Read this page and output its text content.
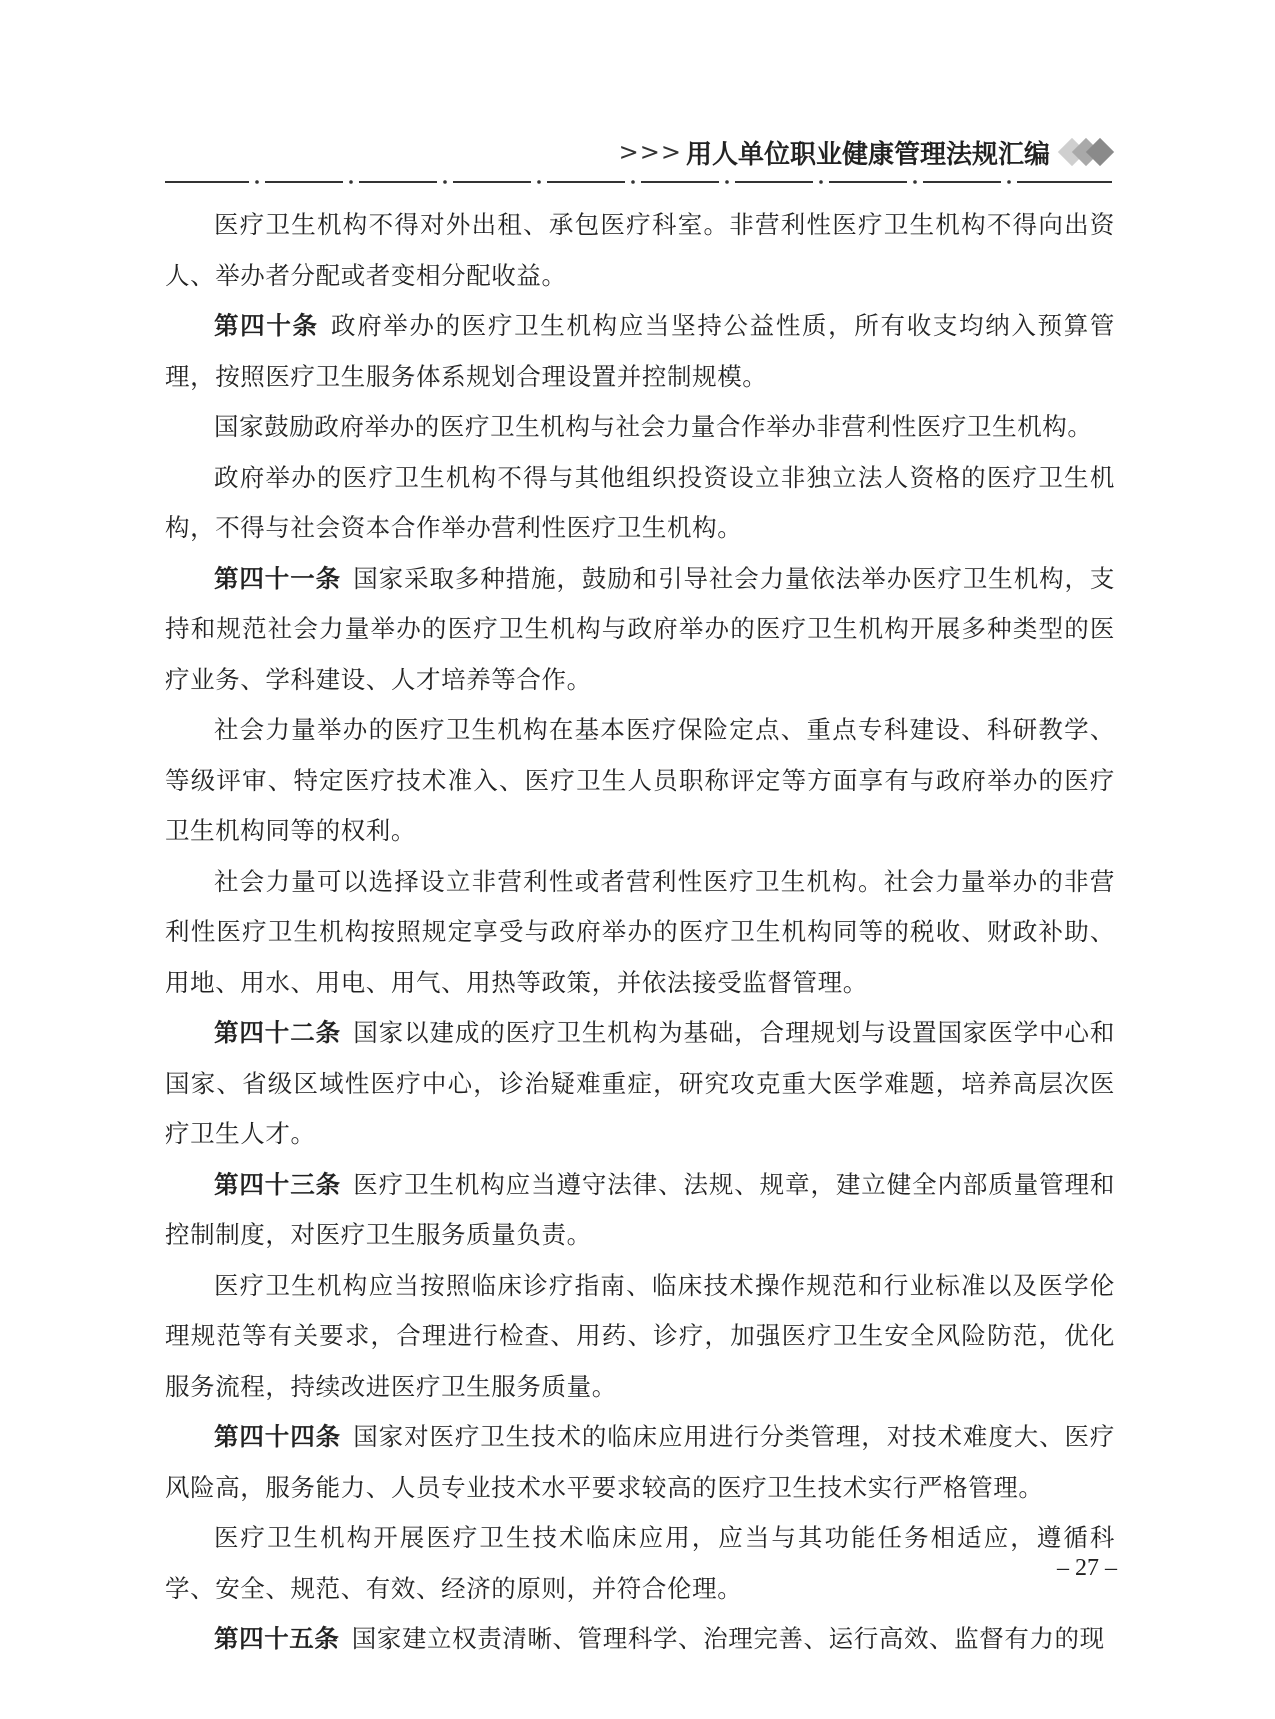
>>> 用人单位职业健康管理法规汇编

医疗卫生机构不得对外出租、承包医疗科室。非营利性医疗卫生机构不得向出资人、举办者分配或者变相分配收益。

第四十条 政府举办的医疗卫生机构应当坚持公益性质，所有收支均纳入预算管理，按照医疗卫生服务体系规划合理设置并控制规模。

国家鼓励政府举办的医疗卫生机构与社会力量合作举办非营利性医疗卫生机构。

政府举办的医疗卫生机构不得与其他组织投资设立非独立法人资格的医疗卫生机构，不得与社会资本合作举办营利性医疗卫生机构。

第四十一条 国家采取多种措施，鼓励和引导社会力量依法举办医疗卫生机构，支持和规范社会力量举办的医疗卫生机构与政府举办的医疗卫生机构开展多种类型的医疗业务、学科建设、人才培养等合作。

社会力量举办的医疗卫生机构在基本医疗保险定点、重点专科建设、科研教学、等级评审、特定医疗技术准入、医疗卫生人员职称评定等方面享有与政府举办的医疗卫生机构同等的权利。

社会力量可以选择设立非营利性或者营利性医疗卫生机构。社会力量举办的非营利性医疗卫生机构按照规定享受与政府举办的医疗卫生机构同等的税收、财政补助、用地、用水、用电、用气、用热等政策，并依法接受监督管理。

第四十二条 国家以建成的医疗卫生机构为基础，合理规划与设置国家医学中心和国家、省级区域性医疗中心，诊治疑难重症，研究攻克重大医学难题，培养高层次医疗卫生人才。

第四十三条 医疗卫生机构应当遵守法律、法规、规章，建立健全内部质量管理和控制制度，对医疗卫生服务质量负责。

医疗卫生机构应当按照临床诊疗指南、临床技术操作规范和行业标准以及医学伦理规范等有关要求，合理进行检查、用药、诊疗，加强医疗卫生安全风险防范，优化服务流程，持续改进医疗卫生服务质量。

第四十四条 国家对医疗卫生技术的临床应用进行分类管理，对技术难度大、医疗风险高，服务能力、人员专业技术水平要求较高的医疗卫生技术实行严格管理。

医疗卫生机构开展医疗卫生技术临床应用，应当与其功能任务相适应，遵循科学、安全、规范、有效、经济的原则，并符合伦理。

第四十五条 国家建立权责清晰、管理科学、治理完善、运行高效、监督有力的现

– 27 –
